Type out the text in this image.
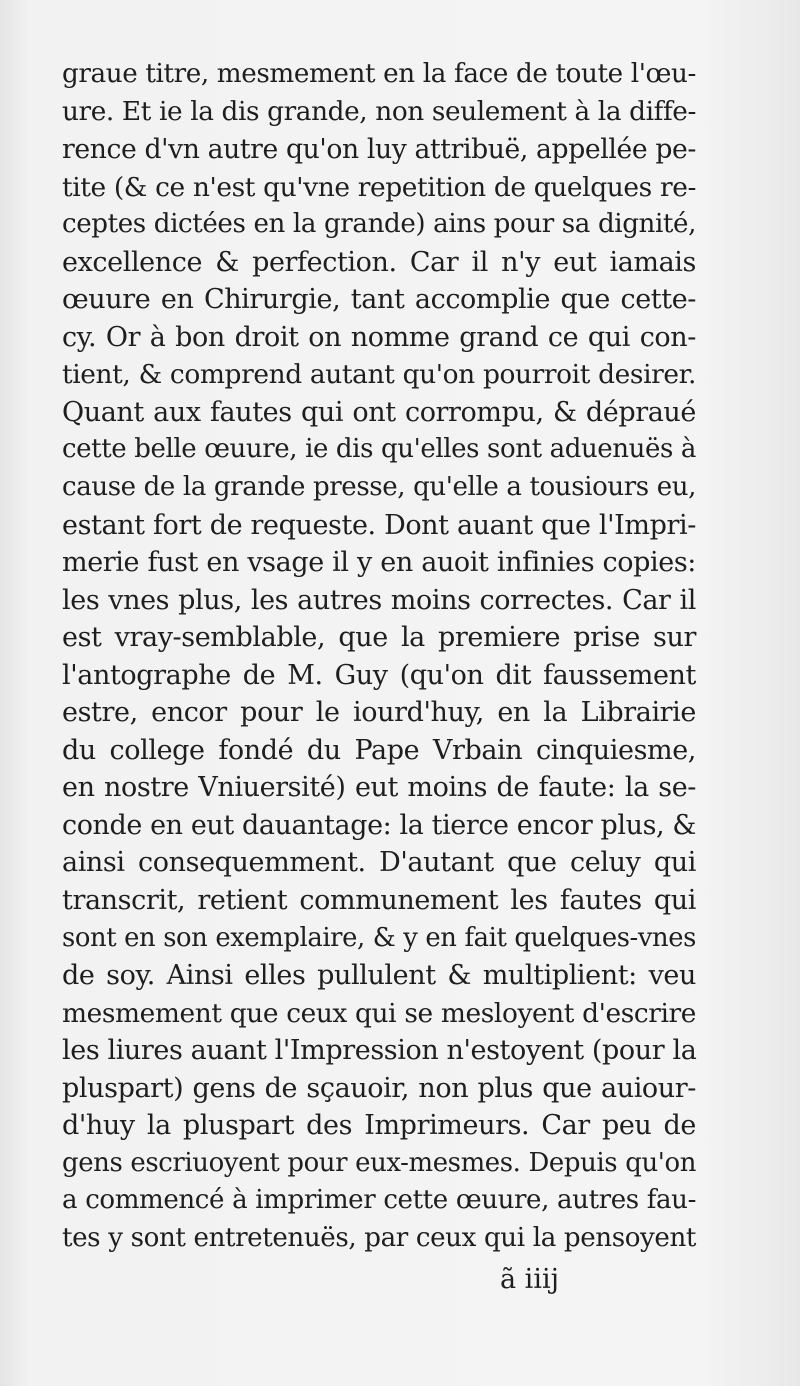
graue titre, mesmement en la face de toute l'œu-
ure. Et ie la dis grande, non seulement à la diffe-
rence d'vn autre qu'on luy attribuë, appellée pe-
tite (& ce n'est qu'vne repetition de quelques re-
ceptes dictées en la grande) ains pour sa dignité,
excellence & perfection. Car il n'y eut iamais
œuure en Chirurgie, tant accomplie que cette-
cy. Or à bon droit on nomme grand ce qui con-
tient, & comprend autant qu'on pourroit desirer.
Quant aux fautes qui ont corrompu, & dépraué
cette belle œuure, ie dis qu'elles sont aduenuës à
cause de la grande presse, qu'elle a tousiours eu,
estant fort de requeste. Dont auant que l'Impri-
merie fust en vsage il y en auoit infinies copies:
les vnes plus, les autres moins correctes. Car il
est vray-semblable, que la premiere prise sur
l'antographe de M. Guy (qu'on dit faussement
estre, encor pour le iourd'huy, en la Librairie
du college fondé du Pape Vrbain cinquiesme,
en nostre Vniuersité) eut moins de faute: la se-
conde en eut dauantage: la tierce encor plus, &
ainsi consequemment. D'autant que celuy qui
transcrit, retient communement les fautes qui
sont en son exemplaire, & y en fait quelques-vnes
de soy. Ainsi elles pullulent & multiplient: veu
mesmement que ceux qui se mesloyent d'escrire
les liures auant l'Impression n'estoyent (pour la
pluspart) gens de sçauoir, non plus que auiour-
d'huy la pluspart des Imprimeurs. Car peu de
gens escriuoyent pour eux-mesmes. Depuis qu'on
a commencé à imprimer cette œuure, autres fau-
tes y sont entretenuës, par ceux qui la pensoyent
ã iiij
